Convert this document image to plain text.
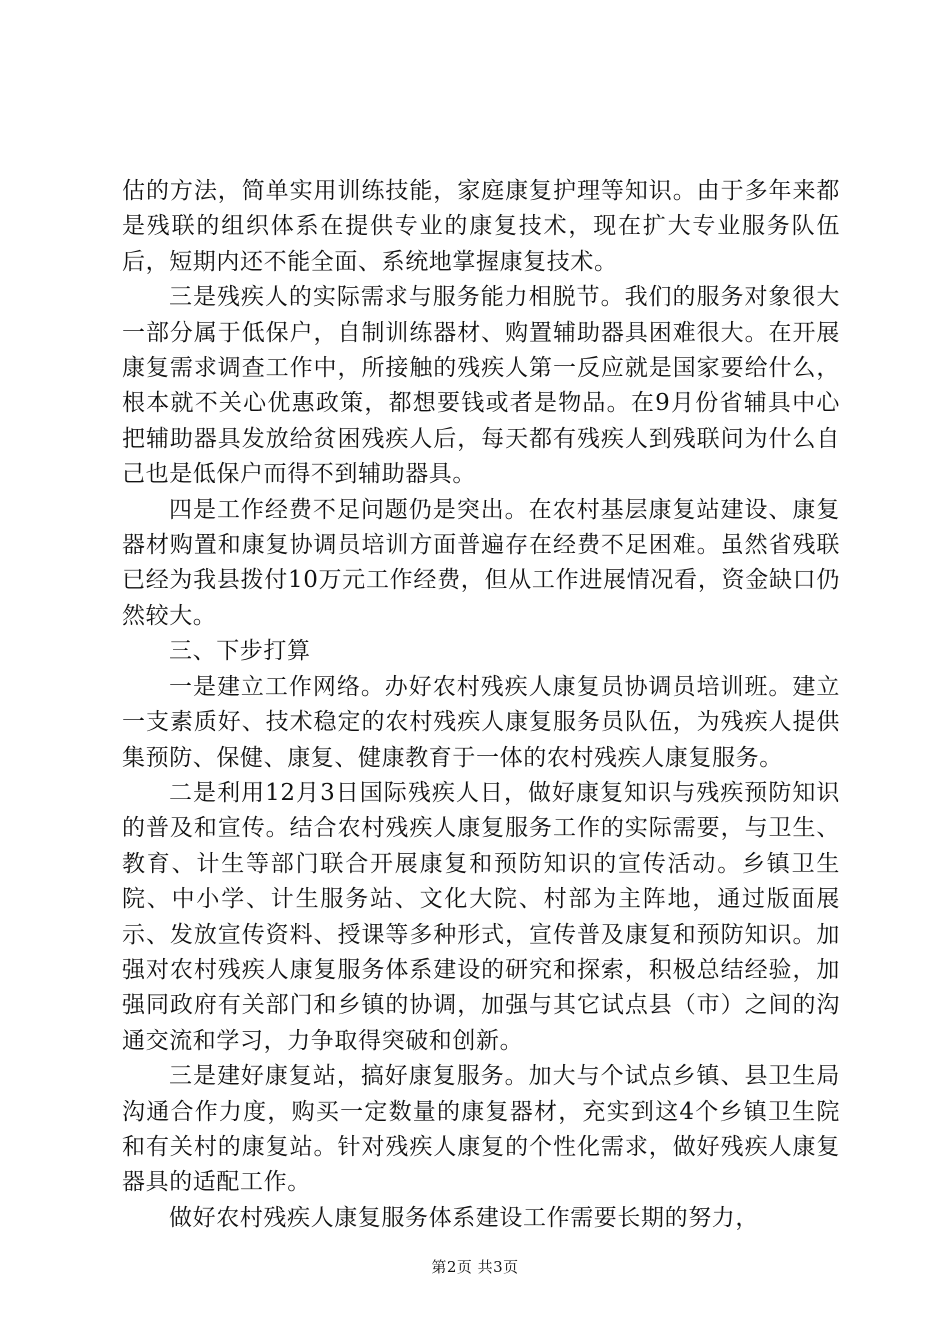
估的方法，简单实用训练技能，家庭康复护理等知识。由于多年来都是残联的组织体系在提供专业的康复技术，现在扩大专业服务队伍后，短期内还不能全面、系统地掌握康复技术。

三是残疾人的实际需求与服务能力相脱节。我们的服务对象很大一部分属于低保户，自制训练器材、购置辅助器具困难很大。在开展康复需求调查工作中，所接触的残疾人第一反应就是国家要给什么，根本就不关心优惠政策，都想要钱或者是物品。在9月份省辅具中心把辅助器具发放给贫困残疾人后，每天都有残疾人到残联问为什么自己也是低保户而得不到辅助器具。

四是工作经费不足问题仍是突出。在农村基层康复站建设、康复器材购置和康复协调员培训方面普遍存在经费不足困难。虽然省残联已经为我县拨付10万元工作经费，但从工作进展情况看，资金缺口仍然较大。

三、下步打算

一是建立工作网络。办好农村残疾人康复员协调员培训班。建立一支素质好、技术稳定的农村残疾人康复服务员队伍，为残疾人提供集预防、保健、康复、健康教育于一体的农村残疾人康复服务。

二是利用12月3日国际残疾人日，做好康复知识与残疾预防知识的普及和宣传。结合农村残疾人康复服务工作的实际需要，与卫生、教育、计生等部门联合开展康复和预防知识的宣传活动。乡镇卫生院、中小学、计生服务站、文化大院、村部为主阵地，通过版面展示、发放宣传资料、授课等多种形式，宣传普及康复和预防知识。加强对农村残疾人康复服务体系建设的研究和探索，积极总结经验，加强同政府有关部门和乡镇的协调，加强与其它试点县（市）之间的沟通交流和学习，力争取得突破和创新。

三是建好康复站，搞好康复服务。加大与个试点乡镇、县卫生局沟通合作力度，购买一定数量的康复器材，充实到这4个乡镇卫生院和有关村的康复站。针对残疾人康复的个性化需求，做好残疾人康复器具的适配工作。

做好农村残疾人康复服务体系建设工作需要长期的努力，

第2页 共3页
